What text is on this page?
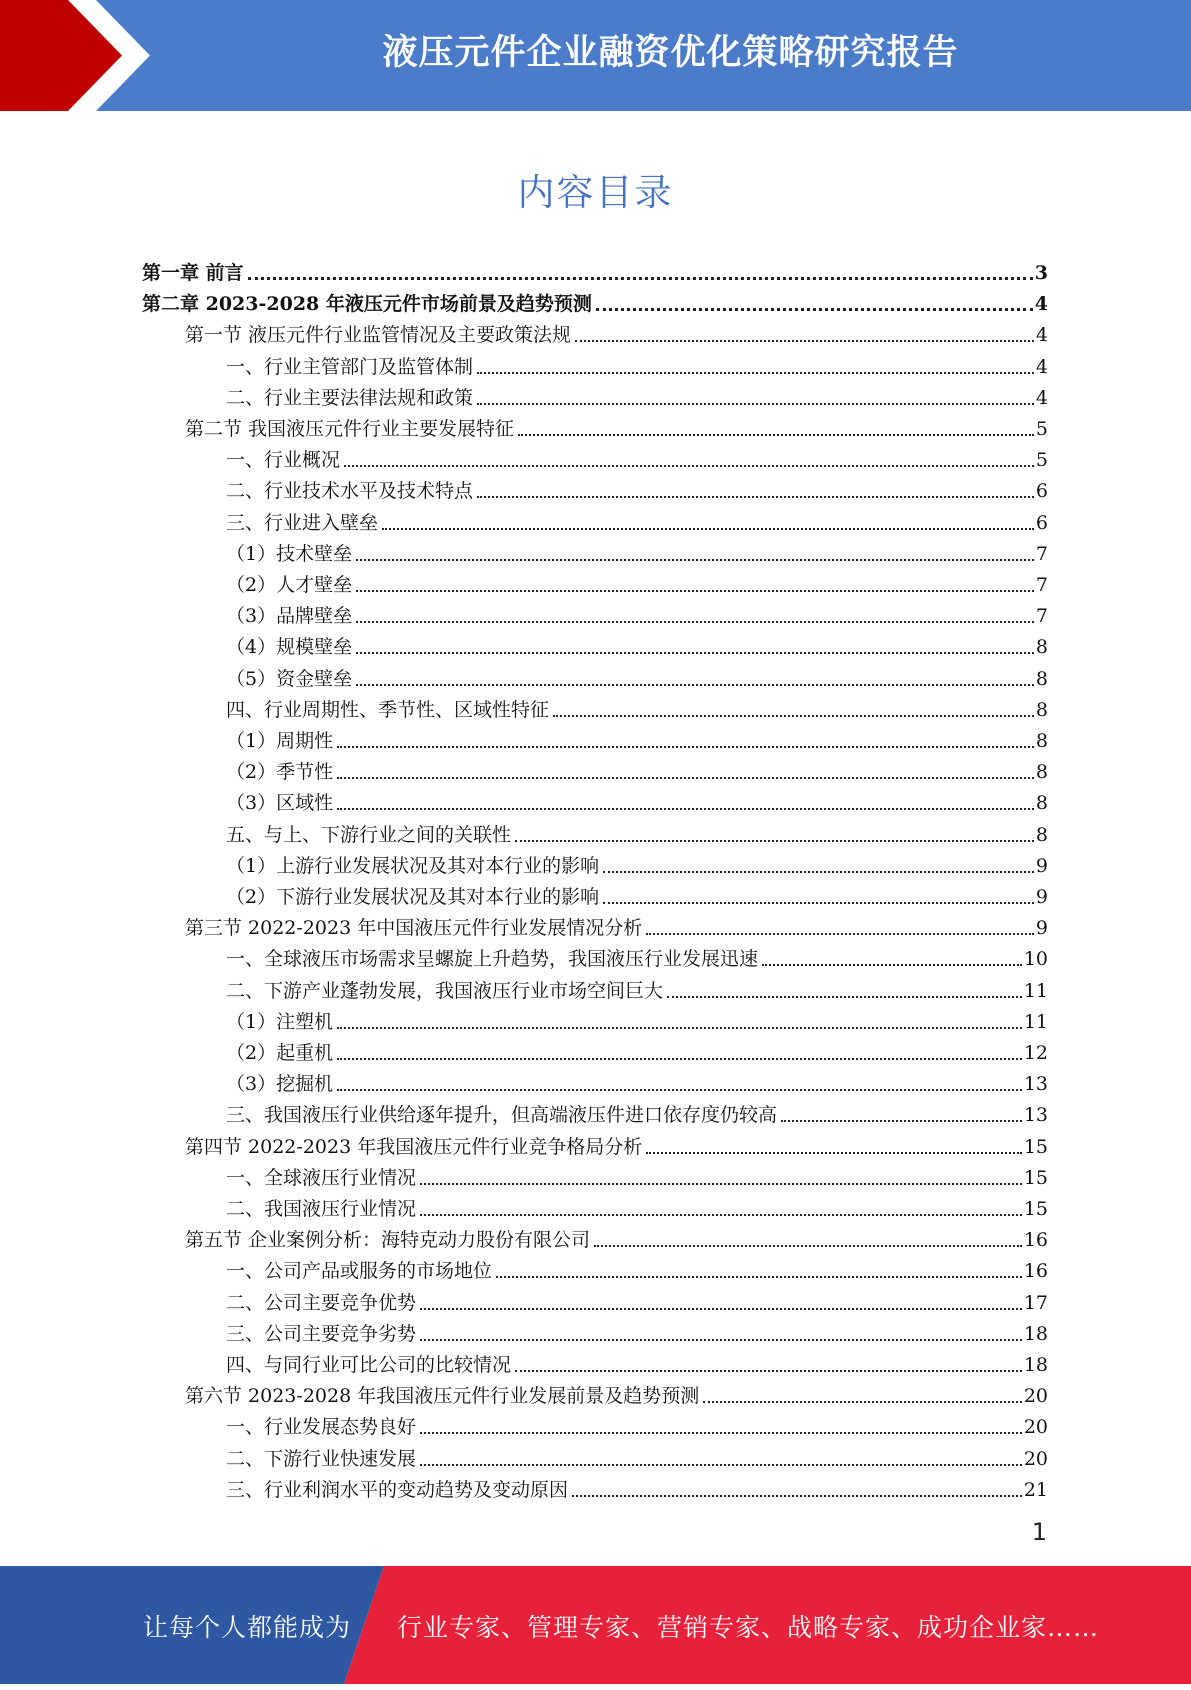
液压元件企业融资优化策略研究报告
内容目录
第一章 前言	3
第二章 2023-2028 年液压元件市场前景及趋势预测	4
第一节 液压元件行业监管情况及主要政策法规	4
一、行业主管部门及监管体制	4
二、行业主要法律法规和政策	4
第二节 我国液压元件行业主要发展特征	5
一、行业概况	5
二、行业技术水平及技术特点	6
三、行业进入壁垒	6
（1）技术壁垒	7
（2）人才壁垒	7
（3）品牌壁垒	7
（4）规模壁垒	8
（5）资金壁垒	8
四、行业周期性、季节性、区域性特征	8
（1）周期性	8
（2）季节性	8
（3）区域性	8
五、与上、下游行业之间的关联性	8
（1）上游行业发展状况及其对本行业的影响	9
（2）下游行业发展状况及其对本行业的影响	9
第三节 2022-2023 年中国液压元件行业发展情况分析	9
一、全球液压市场需求呈螺旋上升趋势，我国液压行业发展迅速	10
二、下游产业蓬勃发展，我国液压行业市场空间巨大	11
（1）注塑机	11
（2）起重机	12
（3）挖掘机	13
三、我国液压行业供给逐年提升，但高端液压件进口依存度仍较高	13
第四节 2022-2023 年我国液压元件行业竞争格局分析	15
一、全球液压行业情况	15
二、我国液压行业情况	15
第五节 企业案例分析：海特克动力股份有限公司	16
一、公司产品或服务的市场地位	16
二、公司主要竞争优势	17
三、公司主要竞争劣势	18
四、与同行业可比公司的比较情况	18
第六节 2023-2028 年我国液压元件行业发展前景及趋势预测	20
一、行业发展态势良好	20
二、下游行业快速发展	20
三、行业利润水平的变动趋势及变动原因	21
1
让每个人都能成为 行业专家、管理专家、营销专家、战略专家、成功企业家……
